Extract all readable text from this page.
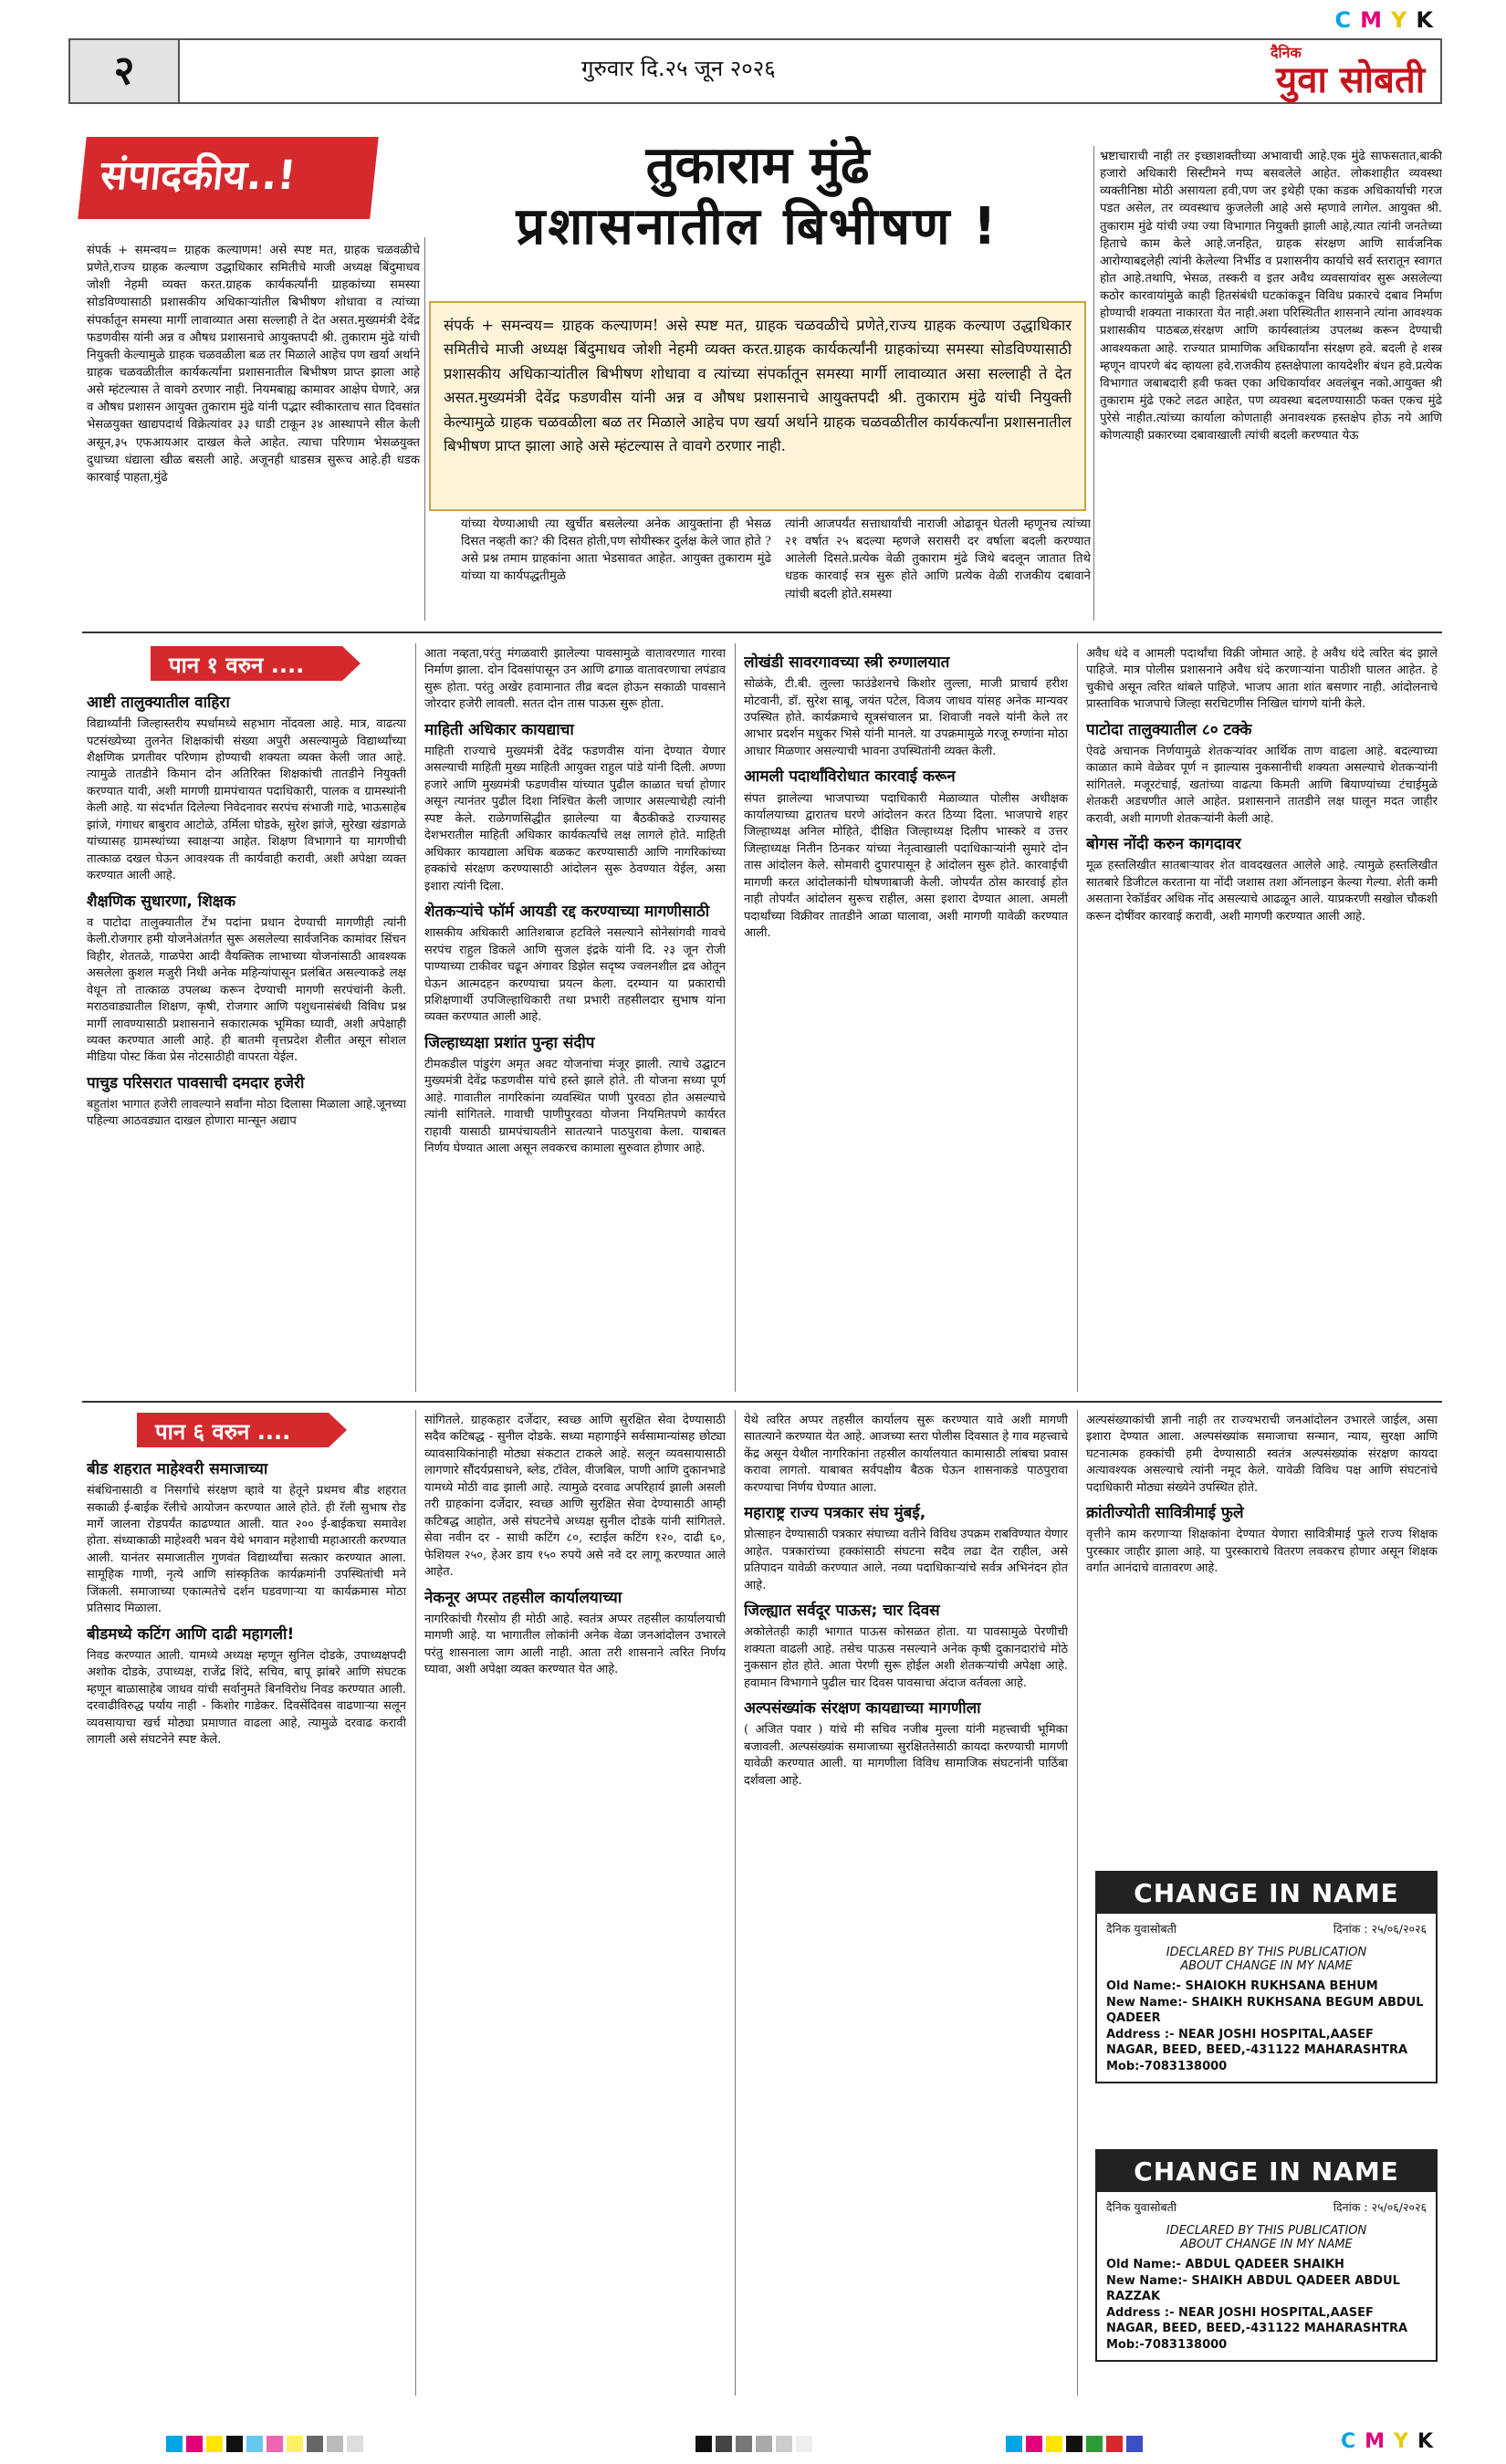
CMYK
२	गुरुवार दि.२५ जून २०२६
दैनिक
युवा सोबती
संपादकीय..!	तुकाराम मुंढे
प्रशासनातील बिभीषण !
संपर्क + समन्वय= ग्राहक कल्याणम! असे स्पष्ट मत, ग्राहक चळवळीचे प्रणेते,राज्य ग्राहक कल्याण उद्धाधिकार समितीचे माजी अध्यक्ष बिंदुमाधव जोशी नेहमी व्यक्त करत.ग्राहक कार्यकर्त्यांनी ग्राहकांच्या समस्या सोडविण्यासाठी प्रशासकीय अधिकाऱ्यांतील बिभीषण शोधावा व त्यांच्या संपर्कातून समस्या मार्गी लावाव्यात असा सल्लाही ते देत असत.मुख्यमंत्री देवेंद्र फडणवीस यांनी अन्न व औषध प्रशासनाचे आयुक्तपदी श्री. तुकाराम मुंढे यांची नियुक्ती केल्यामुळे ग्राहक चळवळीला बळ तर मिळाले आहेच पण खर्या अर्थाने ग्राहक चळवळीतील कार्यकर्त्यांना प्रशासनातील बिभीषण प्राप्त झाला आहे असे म्हंटल्यास ते वावगे ठरणार नाही. नियमबाह्य कामावर आक्षेप घेणारे, अन्न व औषध प्रशासन आयुक्त तुकाराम मुंढे यांनी पद्भार स्वीकारताच सात दिवसांत भेसळयुक्त खाद्यपदार्थ विक्रेत्यांवर ३३ धाडी टाकून ३४ आस्थापने सील केली असून,३५ एफआयआर दाखल केले आहेत. त्याचा परिणाम भेसळयुक्त दुधाच्या धंद्याला खीळ बसली आहे. अजूनही धाडसत्र सुरूच आहे.ही धडक कारवाई पाहता,मुंढे
संपर्क + समन्वय= ग्राहक कल्याणम! असे स्पष्ट मत, ग्राहक चळवळीचे प्रणेते,राज्य ग्राहक कल्याण उद्धाधिकार समितीचे माजी अध्यक्ष बिंदुमाधव जोशी नेहमी व्यक्त करत.ग्राहक कार्यकर्त्यांनी ग्राहकांच्या समस्या सोडविण्यासाठी प्रशासकीय अधिकाऱ्यांतील बिभीषण शोधावा व त्यांच्या संपर्कातून समस्या मार्गी लावाव्यात असा सल्लाही ते देत असत.मुख्यमंत्री देवेंद्र फडणवीस यांनी अन्न व औषध प्रशासनाचे आयुक्तपदी श्री. तुकाराम मुंढे यांची नियुक्ती केल्यामुळे ग्राहक चळवळीला बळ तर मिळाले आहेच पण खर्या अर्थाने ग्राहक चळवळीतील कार्यकर्त्यांना प्रशासनातील बिभीषण प्राप्त झाला आहे असे म्हंटल्यास ते वावगे ठरणार नाही.
यांच्या येण्याआधी त्या खुर्चीत बसलेल्या अनेक आयुक्तांना ही भेसळ दिसत नव्हती का? की दिसत होती,पण सोयीस्कर दुर्लक्ष केले जात होते ? असे प्रश्न तमाम ग्राहकांना आता भेडसावत आहेत. आयुक्त तुकाराम मुंढे यांच्या या कार्यपद्धतीमुळे
त्यांनी आजपर्यंत सत्ताधार्यांची नाराजी ओढावून घेतली म्हणूनच त्यांच्या २१ वर्षात २५ बदल्या म्हणजे सरासरी दर वर्षाला बदली करण्यात आलेली दिसते.प्रत्येक वेळी तुकाराम मुंढे जिथे बदलून जातात तिथे धडक कारवाई सत्र सुरू होते आणि प्रत्येक वेळी राजकीय दबावाने त्यांची बदली होते.समस्या
भ्रष्टाचाराची नाही तर इच्छाशक्तीच्या अभावाची आहे.एक मुंढे साफसतात,बाकी हजारो अधिकारी सिस्टीमने गप्प बसवलेले आहेत. लोकशाहीत व्यवस्था व्यक्तीनिष्ठा मोठी असायला हवी,पण जर इथेही एका कडक अधिकार्याची गरज पडत असेल, तर व्यवस्थाच कुजलेली आहे असे म्हणावे लागेल. आयुक्त श्री. तुकाराम मुंढे यांची ज्या ज्या विभागात नियुक्ती झाली आहे,त्यात त्यांनी जनतेच्या हिताचे काम केले आहे.जनहित, ग्राहक संरक्षण आणि सार्वजनिक आरोग्याबद्दलेही त्यांनी केलेल्या निर्भीड व प्रशासनीय कार्याचे सर्व स्तरातून स्वागत होत आहे.तथापि, भेसळ, तस्करी व इतर अवैध व्यवसायांवर सुरू असलेल्या कठोर कारवायांमुळे काही हितसंबंधी घटकांकडून विविध प्रकारचे दबाव निर्माण होण्याची शक्यता नाकारता येत नाही.अशा परिस्थितीत शासनाने त्यांना आवश्यक प्रशासकीय पाठबळ,संरक्षण आणि कार्यस्वातंत्र्य उपलब्ध करून देण्याची आवश्यकता आहे. राज्यात प्रामाणिक अधिकार्यांना संरक्षण हवे. बदली हे शस्त्र म्हणून वापरणे बंद व्हायला हवे.राजकीय हस्तक्षेपाला कायदेशीर बंधन हवे.प्रत्येक विभागात जबाबदारी हवी फक्त एका अधिकार्यावर अवलंबून नको.आयुक्त श्री तुकाराम मुंढे एकटे लढत आहेत, पण व्यवस्था बदलण्यासाठी फक्त एकच मुंढे पुरेसे नाहीत.त्यांच्या कार्याला कोणताही अनावश्यक हस्तक्षेप होऊ नये आणि कोणत्याही प्रकारच्या दबावाखाली त्यांची बदली करण्यात येऊ
पान १ वरुन ....
आष्टी तालुक्यातील वाहिरा

विद्यार्थ्यांनी जिल्हास्तरीय स्पर्धामध्ये सहभाग नोंदवला आहे. मात्र, वाढत्या पटसंख्येच्या तुलनेत शिक्षकांची संख्या अपुरी असल्यामुळे विद्यार्थ्यांच्या शैक्षणिक प्रगतीवर परिणाम होण्याची शक्यता व्यक्त केली जात आहे. त्यामुळे तातडीने किमान दोन अतिरिक्त शिक्षकांची तातडीने नियुक्ती करण्यात यावी, अशी मागणी ग्रामपंचायत पदाधिकारी, पालक व ग्रामस्थांनी केली आहे. या संदर्भात दिलेल्या निवेदनावर सरपंच संभाजी गाढे, भाऊसाहेब झांजे, गंगाधर बाबुराव आटोळे, उर्मिला घोडके, सुरेश झांजे, सुरेखा खंडागळे यांच्यासह ग्रामस्थांच्या स्वाक्षऱ्या आहेत. शिक्षण विभागाने या मागणीची तात्काळ दखल घेऊन आवश्यक ती कार्यवाही करावी, अशी अपेक्षा व्यक्त करण्यात आली आहे.

शैक्षणिक सुधारणा, शिक्षक

व पाटोदा तालुक्यातील टेंभ पदांना प्रधान देण्याची मागणीही त्यांनी केली.रोजगार हमी योजनेअंतर्गत सुरू असलेल्या सार्वजनिक कामांवर सिंचन विहीर, शेततळे, गाळपेरा आदी वैयक्तिक लाभाच्या योजनांसाठी आवश्यक असलेला कुशल मजुरी निधी अनेक महिन्यांपासून प्रलंबित असल्याकडे लक्ष वेधून तो तात्काळ उपलब्ध करून देण्याची मागणी सरपंचांनी केली. मराठवाड्यातील शिक्षण, कृषी, रोजगार आणि पशुधनासंबंधी विविध प्रश्न मार्गी लावण्यासाठी प्रशासनाने सकारात्मक भूमिका घ्यावी, अशी अपेक्षाही व्यक्त करण्यात आली आहे. ही बातमी वृत्तप्रदेश शैलीत असून सोशल मीडिया पोस्ट किंवा प्रेस नोटसाठीही वापरता येईल.

पाचुड परिसरात पावसाची दमदार हजेरी

बहुतांश भागात हजेरी लावल्याने सर्वांना मोठा दिलासा मिळाला आहे.जूनच्या पहिल्या आठवड्यात दाखल होणारा मान्सून अद्याप

आता नव्हता,परंतु मंगळवारी झालेल्या पावसामुळे वातावरणात गारवा निर्माण झाला. दोन दिवसांपासून उन आणि ढगाळ वातावरणाचा लपंडाव सुरू होता. परंतु अखेर हवामानात तीव्र बदल होऊन सकाळी पावसाने जोरदार हजेरी लावली. सतत दोन तास पाऊस सुरू होता.

माहिती अधिकार कायद्याचा

माहिती राज्याचे मुख्यमंत्री देवेंद्र फडणवीस यांना देण्यात येणार असल्याची माहिती मुख्य माहिती आयुक्त राहुल पांडे यांनी दिली. अण्णा हजारे आणि मुख्यमंत्री फडणवीस यांच्यात पुढील काळात चर्चा होणार असून त्यानंतर पुढील दिशा निश्चित केली जाणार असल्याचेही त्यांनी स्पष्ट केले. राळेगणसिद्धीत झालेल्या या बैठकीकडे राज्यासह देशभरातील माहिती अधिकार कार्यकर्त्यांचे लक्ष लागले होते. माहिती अधिकार कायद्याला अधिक बळकट करण्यासाठी आणि नागरिकांच्या हक्कांचे संरक्षण करण्यासाठी आंदोलन सुरू ठेवण्यात येईल, असा इशारा त्यांनी दिला.

शेतकऱ्यांचे फॉर्म आयडी रद्द करण्याच्या मागणीसाठी

शासकीय अधिकारी आतिशबाज हटविले नसल्याने सोनेसांगवी गावचे सरपंच राहुल डिकले आणि सुजल इंद्रके यांनी दि. २३ जून रोजी पाण्याच्या टाकीवर चढून अंगावर डिझेल सदृष्य ज्वलनशील द्रव ओतून घेऊन आत्मदहन करण्याचा प्रयत्न केला. दरम्यान या प्रकाराची प्रशिक्षणार्थी उपजिल्हाधिकारी तथा प्रभारी तहसीलदार सुभाष यांना व्यक्त करण्यात आली आहे.

जिल्हाध्यक्षा प्रशांत पुन्हा संदीप

टीमकडील पांडुरंग अमृत अवट योजनांचा मंजूर झाली. त्याचे उद्घाटन मुख्यमंत्री देवेंद्र फडणवीस यांचे हस्ते झाले होते. ती योजना सध्या पूर्ण आहे. गावातील नागरिकांना व्यवस्थित पाणी पुरवठा होत असल्याचे त्यांनी सांगितले. गावाची पाणीपुरवठा योजना नियमितपणे कार्यरत राहावी यासाठी ग्रामपंचायतीने सातत्याने पाठपुरावा केला. याबाबत निर्णय घेण्यात आला असून लवकरच कामाला सुरुवात होणार आहे.

लोखंडी सावरगावच्या स्त्री रुग्णालयात

सोळंके, टी.बी. लुल्ला फाउंडेशनचे किशोर लुल्ला, माजी प्राचार्य हरीश मोटवानी, डॉ. सुरेश साबू, जयंत पटेल, विजय जाधव यांसह अनेक मान्यवर उपस्थित होते. कार्यक्रमाचे सूत्रसंचालन प्रा. शिवाजी नवले यांनी केले तर आभार प्रदर्शन मधुकर भिसे यांनी मानले. या उपक्रमामुळे गरजू रुग्णांना मोठा आधार मिळणार असल्याची भावना उपस्थितांनी व्यक्त केली.

आमली पदार्थांविरोधात कारवाई करून

संपत झालेल्या भाजपाच्या पदाधिकारी मेळाव्यात पोलीस अधीक्षक कार्यालयाच्या द्वारातच घरणे आंदोलन करत ठिय्या दिला. भाजपाचे शहर जिल्हाध्यक्ष अनिल मोहिते, दीक्षित जिल्हाध्यक्ष दिलीप भास्करे व उत्तर जिल्हाध्यक्ष नितीन ठिनकर यांच्या नेतृत्वाखाली पदाधिकाऱ्यांनी सुमारे दोन तास आंदोलन केले. सोमवारी दुपारपासून हे आंदोलन सुरू होते. कारवाईची मागणी करत आंदोलकांनी घोषणाबाजी केली. जोपर्यंत ठोस कारवाई होत नाही तोपर्यंत आंदोलन सुरूच राहील, असा इशारा देण्यात आला. अमली पदार्थांच्या विक्रीवर तातडीने आळा घालावा, अशी मागणी यावेळी करण्यात आली.

अवैध धंदे व आमली पदार्थांचा विक्री जोमात आहे. हे अवैध धंदे त्वरित बंद झाले पाहिजे. मात्र पोलीस प्रशासनाने अवैध धंदे करणाऱ्यांना पाठीशी घालत आहेत. हे चुकीचे असून त्वरित थांबले पाहिजे. भाजप आता शांत बसणार नाही. आंदोलनाचे प्रास्ताविक भाजपाचे जिल्हा सरचिटणीस निखिल चांगणे यांनी केले.

पाटोदा तालुक्यातील ८० टक्के

ऐवढे अचानक निर्णयामुळे शेतकऱ्यांवर आर्थिक ताण वाढला आहे. बदल्याच्या काळात कामे वेळेवर पूर्ण न झाल्यास नुकसानीची शक्यता असल्याचे शेतकऱ्यांनी सांगितले. मजूरटंचाई, खतांच्या वाढत्या किमती आणि बियाण्यांच्या टंचाईमुळे शेतकरी अडचणीत आले आहेत. प्रशासनाने तातडीने लक्ष घालून मदत जाहीर करावी, अशी मागणी शेतकऱ्यांनी केली आहे.

बोगस नोंदी करुन कागदावर

मूळ हस्तलिखीत सातबाऱ्यावर शेत वावदखलत आलेले आहे. त्यामुळे हस्तलिखीत सातबारे डिजीटल करताना या नोंदी जशास तशा ऑनलाइन केल्या गेल्या. शेती कमी असताना रेकॉर्डवर अधिक नोंद असल्याचे आढळून आले. याप्रकरणी सखोल चौकशी करून दोषींवर कारवाई करावी, अशी मागणी करण्यात आली आहे.

पान ६ वरुन ....
बीड शहरात माहेश्वरी समाजाच्या

संबंधिनासाठी व निसर्गाचे संरक्षण व्हावे या हेतूने प्रथमच बीड शहरात सकाळी ई-बाईक रॅलीचे आयोजन करण्यात आले होते. ही रॅली सुभाष रोड मार्गे जालना रोडपर्यंत काढण्यात आली. यात २०० ई-बाईकचा समावेश होता. संध्याकाळी माहेश्वरी भवन येथे भगवान महेशाची महाआरती करण्यात आली. यानंतर समाजातील गुणवंत विद्यार्थ्यांचा सत्कार करण्यात आला. सामूहिक गाणी, नृत्ये आणि सांस्कृतिक कार्यक्रमांनी उपस्थितांची मने जिंकली. समाजाच्या एकात्मतेचे दर्शन घडवणाऱ्या या कार्यक्रमास मोठा प्रतिसाद मिळाला.

बीडमध्ये कटिंग आणि दाढी महागली!

निवड करण्यात आली. यामध्ये अध्यक्ष म्हणून सुनिल दोडके, उपाध्यक्षपदी अशोक दोडके, उपाध्यक्ष, राजेंद्र शिंदे, सचिव, बापू झांबरे आणि संघटक म्हणून बाळासाहेब जाधव यांची सर्वानुमते बिनविरोध निवड करण्यात आली. दरवाढीविरुद्ध पर्याय नाही - किशोर गाडेकर. दिवसेंदिवस वाढणाऱ्या सलून व्यवसायाचा खर्च मोठ्या प्रमाणात वाढला आहे, त्यामुळे दरवाढ करावी लागली असे संघटनेने स्पष्ट केले.

सांगितले. ग्राहकहार दर्जेदार, स्वच्छ आणि सुरक्षित सेवा देण्यासाठी सदैव कटिबद्ध - सुनील दोडके. सध्या महागाईने सर्वसामान्यांसह छोट्या व्यावसायिकांनाही मोठ्या संकटात टाकले आहे. सलून व्यवसायासाठी लागणारे सौंदर्यप्रसाधने, ब्लेड, टॉवेल, वीजबिल, पाणी आणि दुकानभाडे यामध्ये मोठी वाढ झाली आहे. त्यामुळे दरवाढ अपरिहार्य झाली असली तरी ग्राहकांना दर्जेदार, स्वच्छ आणि सुरक्षित सेवा देण्यासाठी आम्ही कटिबद्ध आहोत, असे संघटनेचे अध्यक्ष सुनील दोडके यांनी सांगितले. सेवा नवीन दर - साधी कटिंग ८०, स्टाईल कटिंग १२०, दाढी ६०, फेशियल २५०, हेअर डाय १५० रुपये असे नवे दर लागू करण्यात आले आहेत.

नेकनूर अप्पर तहसील कार्यालयाच्या

नागरिकांची गैरसोय ही मोठी आहे. स्वतंत्र अप्पर तहसील कार्यालयाची मागणी आहे. या भागातील लोकांनी अनेक वेळा जनआंदोलन उभारले परंतु शासनाला जाग आली नाही. आता तरी शासनाने त्वरित निर्णय घ्यावा, अशी अपेक्षा व्यक्त करण्यात येत आहे.

येथे त्वरित अप्पर तहसील कार्यालय सुरू करण्यात यावे अशी मागणी सातत्याने करण्यात येत आहे. आजच्या स्तरा पोलीस दिवसात हे गाव महत्त्वाचे केंद्र असून येथील नागरिकांना तहसील कार्यालयात कामासाठी लांबचा प्रवास करावा लागतो. याबाबत सर्वपक्षीय बैठक घेऊन शासनाकडे पाठपुरावा करण्याचा निर्णय घेण्यात आला.

महाराष्ट्र राज्य पत्रकार संघ मुंबई,

प्रोत्साहन देण्यासाठी पत्रकार संघाच्या वतीने विविध उपक्रम राबविण्यात येणार आहेत. पत्रकारांच्या हक्कांसाठी संघटना सदैव लढा देत राहील, असे प्रतिपादन यावेळी करण्यात आले. नव्या पदाधिकाऱ्यांचे सर्वत्र अभिनंदन होत आहे.

जिल्ह्यात सर्वदूर पाऊस; चार दिवस

अकोलेतही काही भागात पाऊस कोसळत होता. या पावसामुळे पेरणीची शक्यता वाढली आहे. तसेच पाऊस नसल्याने अनेक कृषी दुकानदारांचे मोठे नुकसान होत होते. आता पेरणी सुरू होईल अशी शेतकऱ्यांची अपेक्षा आहे. हवामान विभागाने पुढील चार दिवस पावसाचा अंदाज वर्तवला आहे.

अल्पसंख्यांक संरक्षण कायद्याच्या मागणीला

( अजित पवार ) यांचे मी सचिव नजीब मुल्ला यांनी महत्त्वाची भूमिका बजावली. अल्पसंख्यांक समाजाच्या सुरक्षिततेसाठी कायदा करण्याची मागणी यावेळी करण्यात आली. या मागणीला विविध सामाजिक संघटनांनी पाठिंबा दर्शवला आहे.

अल्पसंख्याकांची ज्ञानी नाही तर राज्यभराची जनआंदोलन उभारले जाईल, असा इशारा देण्यात आला. अल्पसंख्यांक समाजाचा सन्मान, न्याय, सुरक्षा आणि घटनात्मक हक्कांची हमी देण्यासाठी स्वतंत्र अल्पसंख्यांक संरक्षण कायदा अत्यावश्यक असल्याचे त्यांनी नमूद केले. यावेळी विविध पक्ष आणि संघटनांचे पदाधिकारी मोठ्या संख्येने उपस्थित होते.

क्रांतीज्योती सावित्रीमाई फुले

वृत्तीने काम करणाऱ्या शिक्षकांना देण्यात येणारा सावित्रीमाई फुले राज्य शिक्षक पुरस्कार जाहीर झाला आहे. या पुरस्काराचे वितरण लवकरच होणार असून शिक्षक वर्गात आनंदाचे वातावरण आहे.

CHANGE IN NAME
दैनिक युवासोबती	दिनांक : २५/०६/२०२६
IDECLARED BY THIS PUBLICATION
ABOUT CHANGE IN MY NAME
Old Name:- SHAIOKH RUKHSANA BEHUM
New Name:- SHAIKH RUKHSANA BEGUM ABDUL QADEER
Address :- NEAR JOSHI HOSPITAL,AASEF NAGAR, BEED, BEED,-431122 MAHARASHTRA
Mob:-7083138000
CHANGE IN NAME
दैनिक युवासोबती	दिनांक : २५/०६/२०२६
IDECLARED BY THIS PUBLICATION
ABOUT CHANGE IN MY NAME
Old Name:- ABDUL QADEER SHAIKH
New Name:- SHAIKH ABDUL QADEER ABDUL RAZZAK
Address :- NEAR JOSHI HOSPITAL,AASEF NAGAR, BEED, BEED,-431122 MAHARASHTRA
Mob:-7083138000
CMYK
